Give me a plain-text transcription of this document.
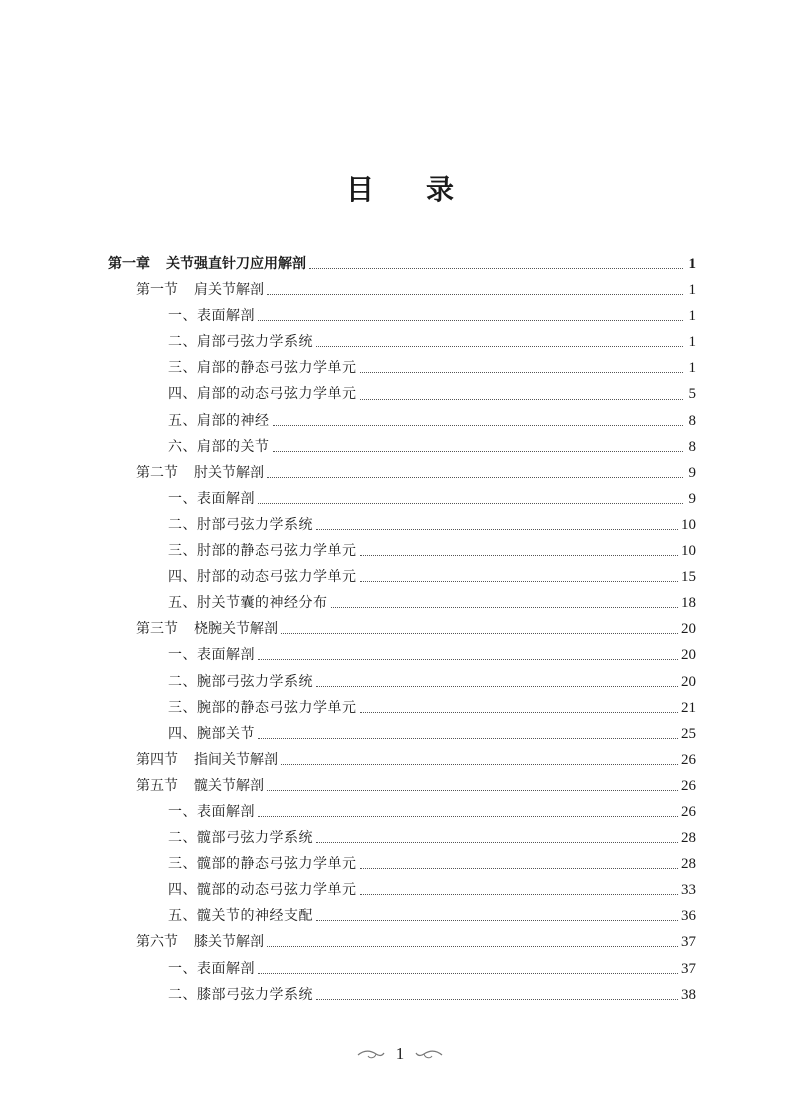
目 录
第一章 关节强直针刀应用解剖	1
第一节 肩关节解剖	1
一、表面解剖	1
二、肩部弓弦力学系统	1
三、肩部的静态弓弦力学单元	1
四、肩部的动态弓弦力学单元	5
五、肩部的神经	8
六、肩部的关节	8
第二节 肘关节解剖	9
一、表面解剖	9
二、肘部弓弦力学系统	10
三、肘部的静态弓弦力学单元	10
四、肘部的动态弓弦力学单元	15
五、肘关节囊的神经分布	18
第三节 桡腕关节解剖	20
一、表面解剖	20
二、腕部弓弦力学系统	20
三、腕部的静态弓弦力学单元	21
四、腕部关节	25
第四节 指间关节解剖	26
第五节 髋关节解剖	26
一、表面解剖	26
二、髋部弓弦力学系统	28
三、髋部的静态弓弦力学单元	28
四、髋部的动态弓弦力学单元	33
五、髋关节的神经支配	36
第六节 膝关节解剖	37
一、表面解剖	37
二、膝部弓弦力学系统	38
1
